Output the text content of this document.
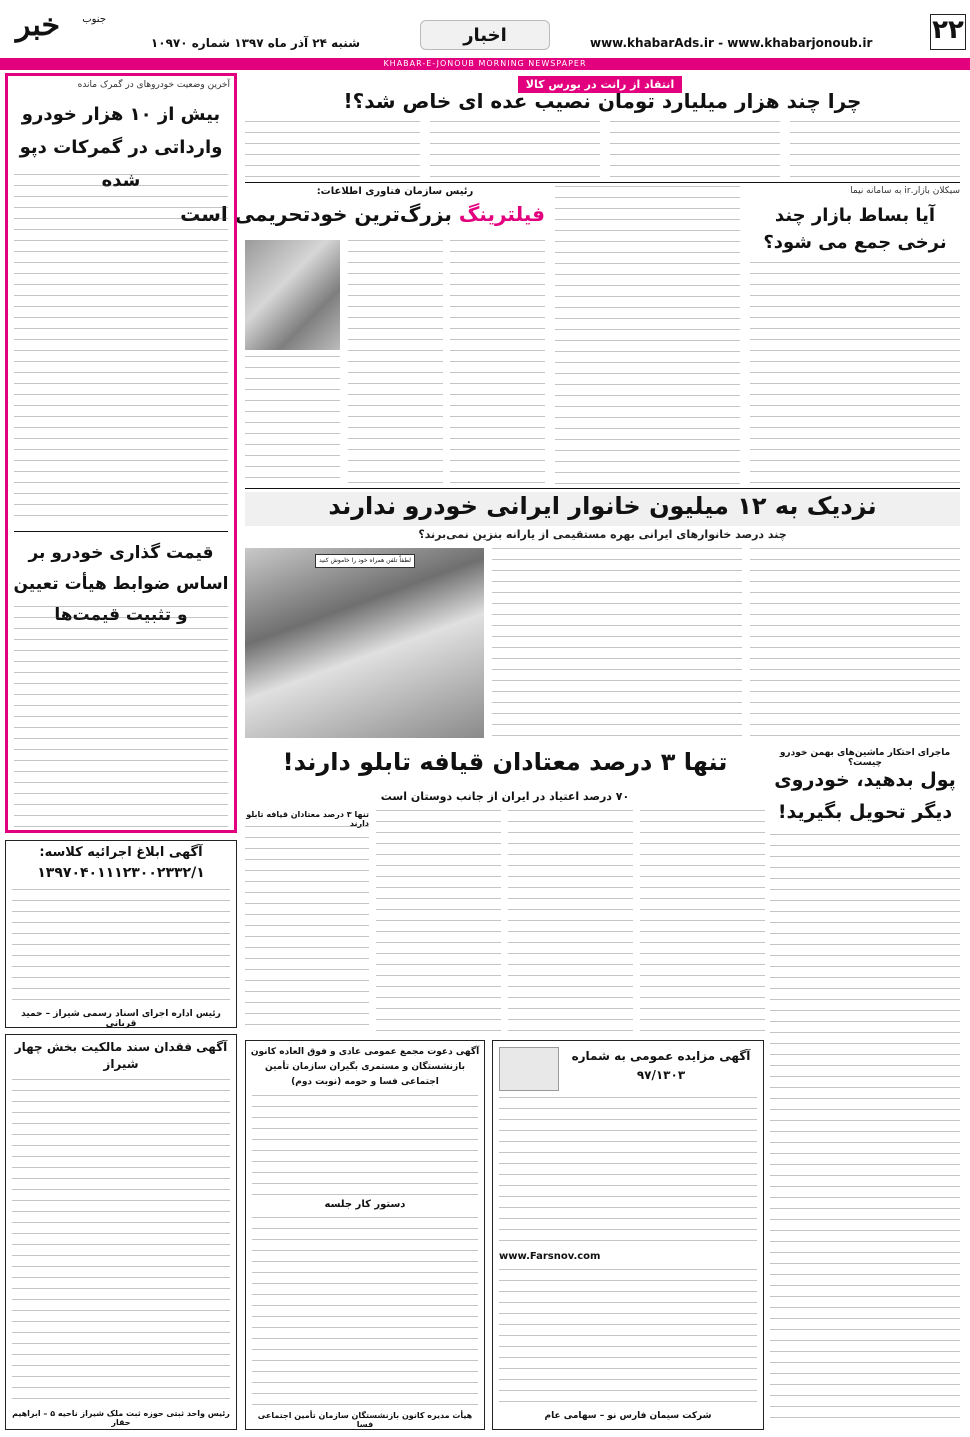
۲۲
www.khabarAds.ir - www.khabarjonoub.ir
اخبار
شنبه ۲۴ آذر ماه ۱۳۹۷ شماره ۱۰۹۷۰
خبر	جنوب
KHABAR-E-JONOUB MORNING NEWSPAPER
انتقاد از رانت در بورس کالا
چرا چند هزار میلیارد تومان نصیب عده ای خاص شد؟!
سیکلان بازار.ir به سامانه نیما
آیا بساط بازار چند نرخی جمع می شود؟
رئیس سازمان فناوری اطلاعات:
فیلترینگ بزرگ‌ترین خودتحریمی است
نزدیک به ۱۲ میلیون خانوار ایرانی خودرو ندارند
چند درصد خانوارهای ایرانی بهره مستقیمی از یارانه بنزین نمی‌برند؟
لطفاً تلفن همراه خود را خاموش کنید
تنها ۳ درصد معتادان قیافه تابلو دارند!
۷۰ درصد اعتیاد در ایران از جانب دوستان است
تنها ۳ درصد معتادان قیافه تابلو دارند
ماجرای احتکار ماشین‌های بهمن خودرو چیست؟
پول بدهید، خودروی دیگر تحویل بگیرید!
آخرین وضعیت خودروهای در گمرک مانده
بیش از ۱۰ هزار خودرو وارداتی در گمرکات دپو شده
قیمت گذاری خودرو بر اساس ضوابط هیأت تعیین و تثبیت قیمت‌ها
آگهی ابلاغ اجرائیه کلاسه:
۱۳۹۷۰۴۰۱۱۱۲۳۰۰۲۳۳۲/۱
رئیس اداره اجرای اسناد رسمی شیراز – حمید قربانی
آگهی فقدان سند مالکیت بخش چهار شیراز
رئیس واحد ثبتی حوزه ثبت ملک شیراز ناحیه ۵ – ابراهیم حقار
آگهی دعوت مجمع عمومی عادی و فوق العاده کانون بازنشستگان و مستمری بگیران سازمان تأمین اجتماعی فسا و حومه (نوبت دوم)
دستور کار جلسه
هیأت مدیره کانون بازنشستگان سازمان تأمین اجتماعی فسا
آگهی مزایده عمومی به شماره ۹۷/۱۳۰۳
www.Farsnov.com
شرکت سیمان فارس نو – سهامی عام
